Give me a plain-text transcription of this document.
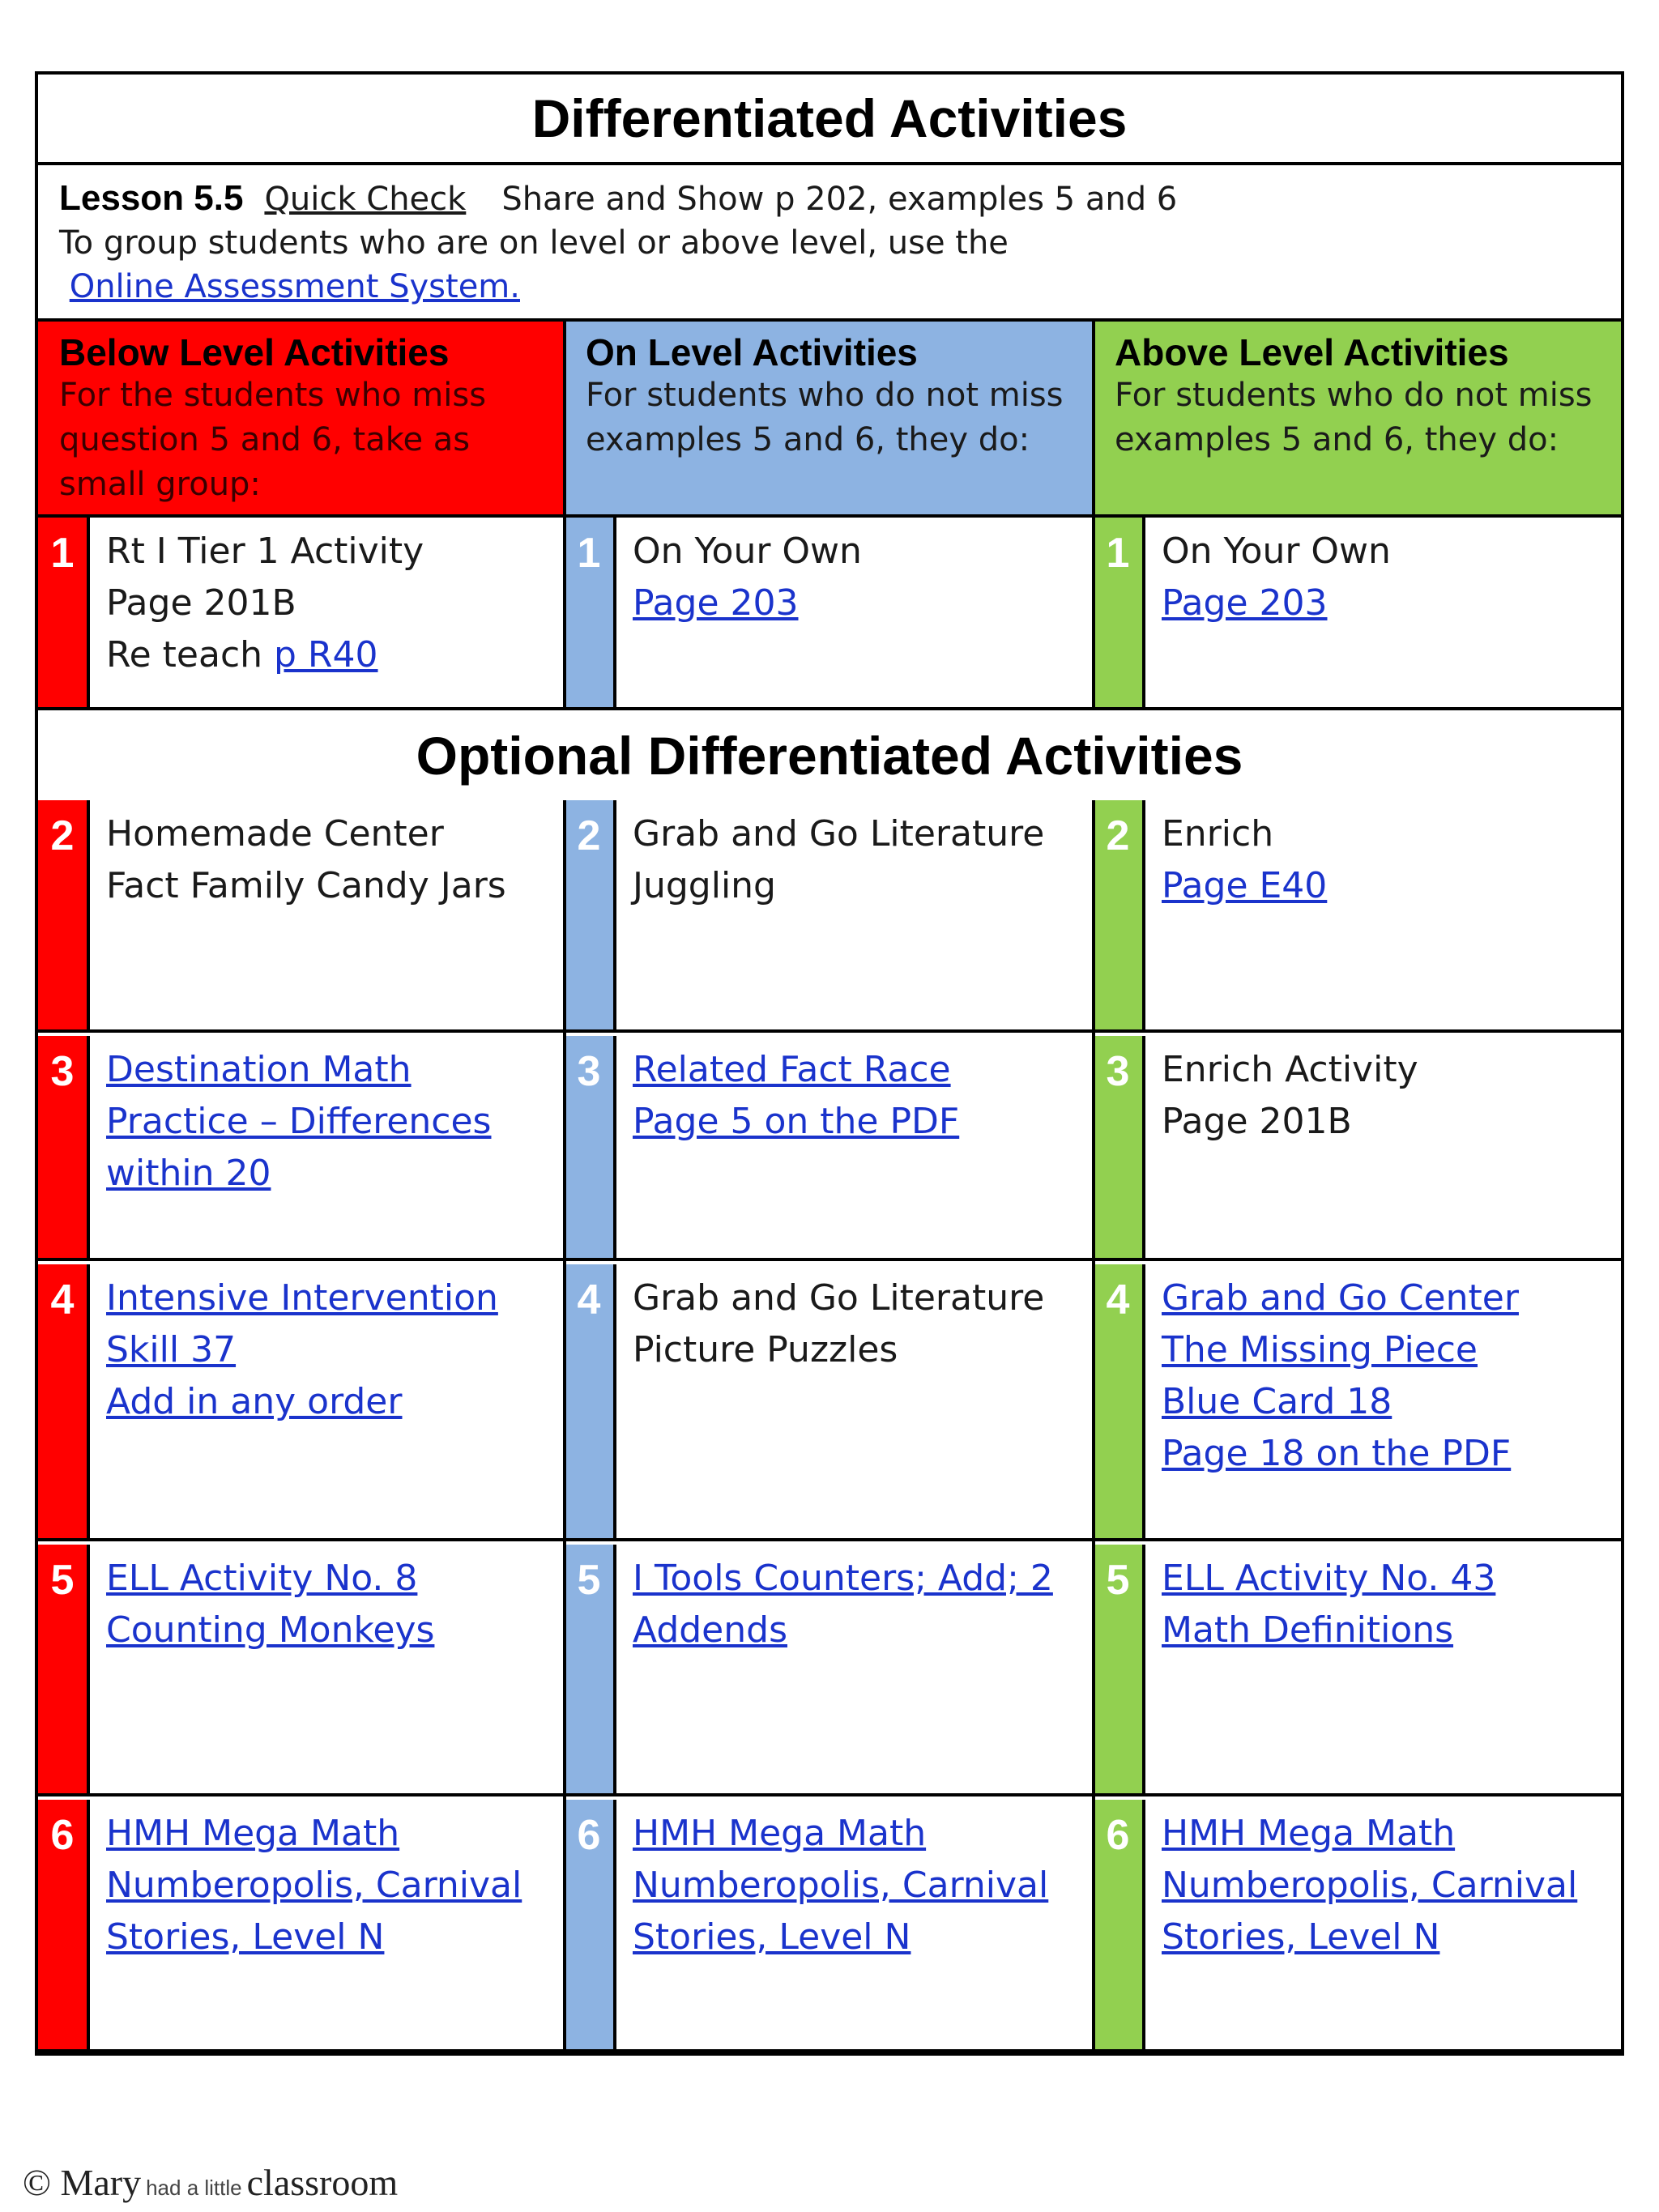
Differentiated Activities
Lesson 5.5 Quick Check Share and Show p 202, examples 5 and 6
To group students who are on level or above level, use the
Online Assessment System.
Below Level Activities
For the students who miss question 5 and 6, take as small group:
On Level Activities
For students who do not miss examples 5 and 6, they do:
Above Level Activities
For students who do not miss examples 5 and 6, they do:
Optional Differentiated Activities
1 Rt I Tier 1 Activity
Page 201B
Re teach p R40
1 On Your Own
Page 203
1 On Your Own
Page 203
2 Homemade Center
Fact Family Candy Jars
2 Grab and Go Literature
Juggling
2 Enrich
Page E40
3 Destination Math
Practice – Differences
within 20
3 Related Fact Race
Page 5 on the PDF
3 Enrich Activity
Page 201B
4 Intensive Intervention
Skill 37
Add in any order
4 Grab and Go Literature
Picture Puzzles
4 Grab and Go Center
The Missing Piece
Blue Card 18
Page 18 on the PDF
5 ELL Activity No. 8
Counting Monkeys
5 I Tools Counters; Add; 2
Addends
5 ELL Activity No. 43
Math Definitions
6 HMH Mega Math
Numberopolis, Carnival
Stories, Level N
6 HMH Mega Math
Numberopolis, Carnival
Stories, Level N
6 HMH Mega Math
Numberopolis, Carnival
Stories, Level N
© Mary had a little classroom
